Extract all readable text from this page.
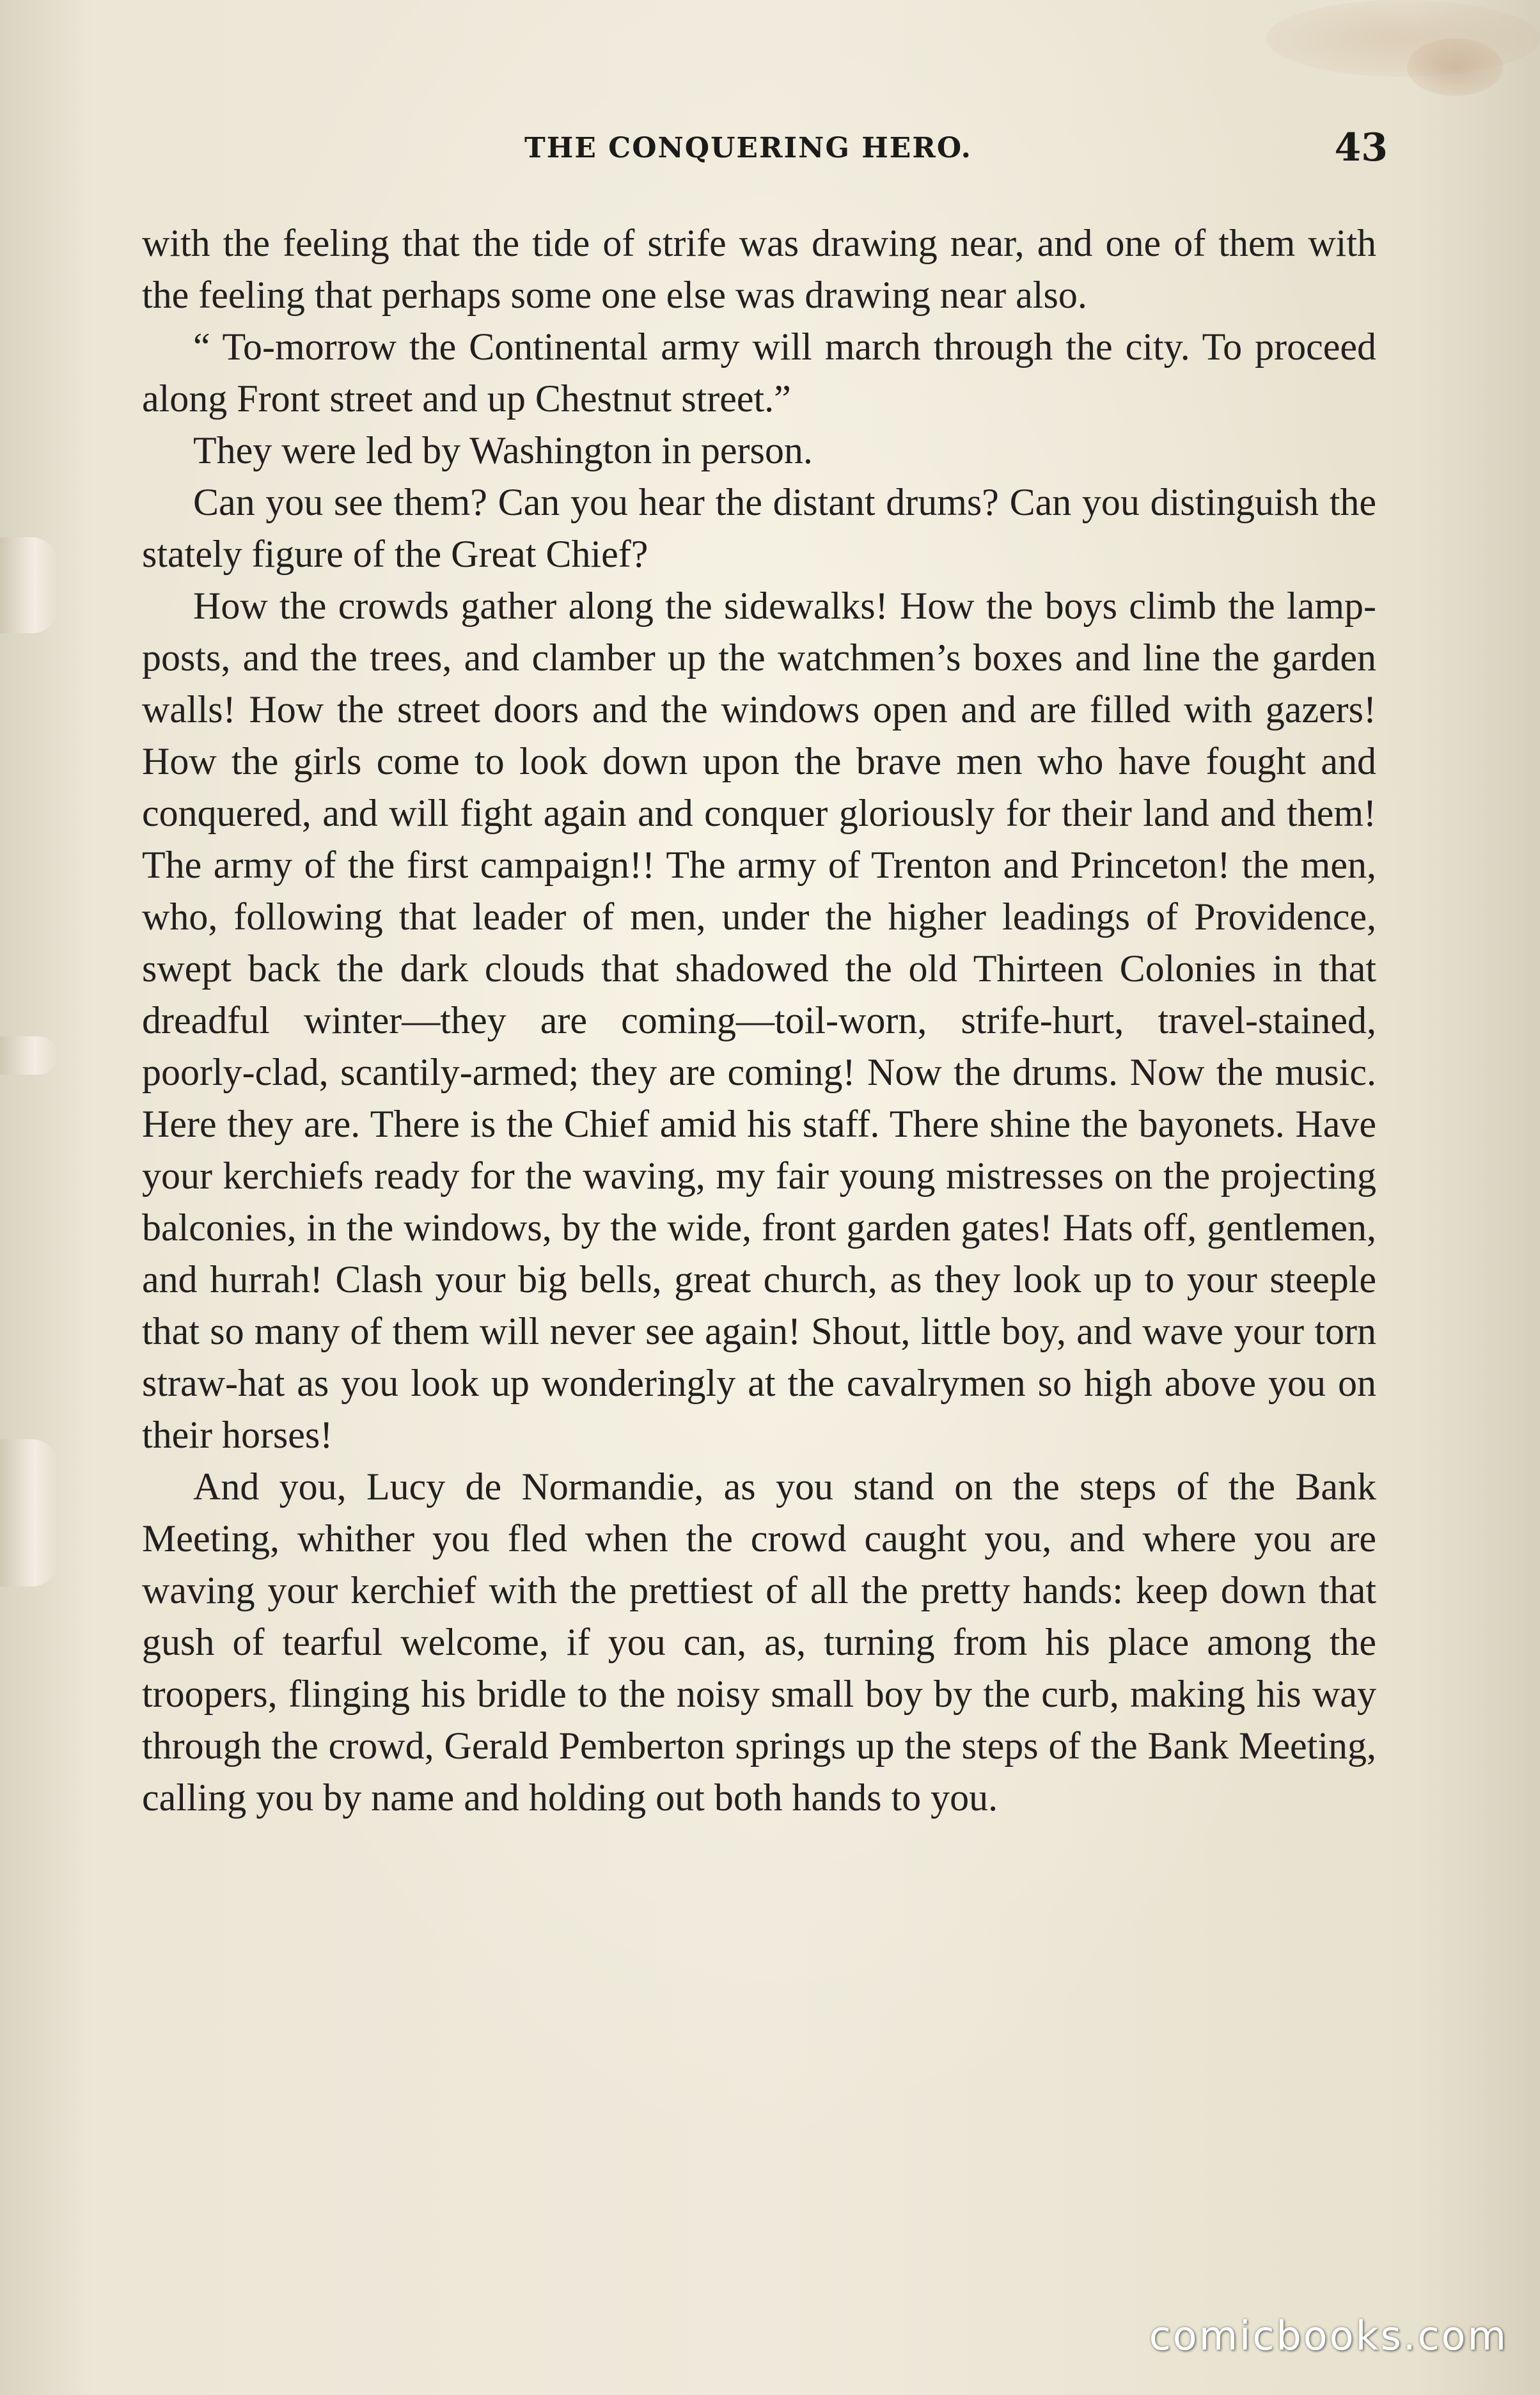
THE CONQUERING HERO.	43

with the feeling that the tide of strife was drawing near, and one of them with the feeling that perhaps some one else was drawing near also.

“ To-morrow the Continental army will march through the city. To proceed along Front street and up Chestnut street.”

They were led by Washington in person.

Can you see them? Can you hear the distant drums? Can you distinguish the stately figure of the Great Chief?

How the crowds gather along the sidewalks! How the boys climb the lamp-posts, and the trees, and clamber up the watchmen’s boxes and line the garden walls! How the street doors and the windows open and are filled with gazers! How the girls come to look down upon the brave men who have fought and conquered, and will fight again and conquer gloriously for their land and them! The army of the first campaign!! The army of Trenton and Princeton! the men, who, following that leader of men, under the higher leadings of Providence, swept back the dark clouds that shadowed the old Thirteen Colonies in that dreadful winter—they are coming—toil-worn, strife-hurt, travel-stained, poorly-clad, scantily-armed; they are coming! Now the drums. Now the music. Here they are. There is the Chief amid his staff. There shine the bayonets. Have your kerchiefs ready for the waving, my fair young mistresses on the projecting balconies, in the windows, by the wide, front garden gates! Hats off, gentlemen, and hurrah! Clash your big bells, great church, as they look up to your steeple that so many of them will never see again! Shout, little boy, and wave your torn straw-hat as you look up wonderingly at the cavalrymen so high above you on their horses!

And you, Lucy de Normandie, as you stand on the steps of the Bank Meeting, whither you fled when the crowd caught you, and where you are waving your kerchief with the prettiest of all the pretty hands: keep down that gush of tearful welcome, if you can, as, turning from his place among the troopers, flinging his bridle to the noisy small boy by the curb, making his way through the crowd, Gerald Pemberton springs up the steps of the Bank Meeting, calling you by name and holding out both hands to you.

comicbooks.com
